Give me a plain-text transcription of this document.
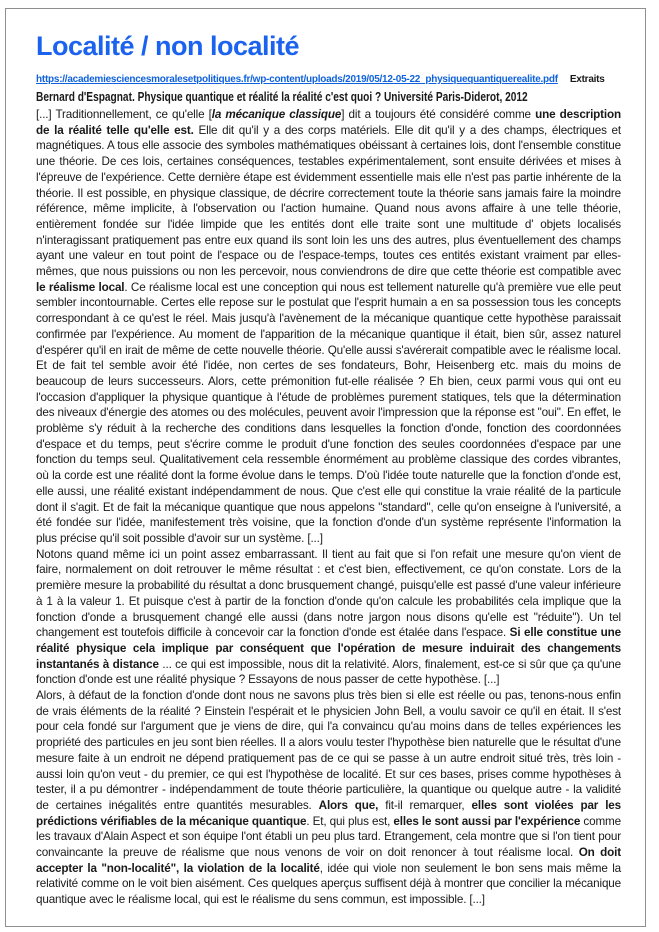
Localité / non localité
https://academiesciencesmoralesetpolitiques.fr/wp-content/uploads/2019/05/12-05-22_physiquequantiquerealite.pdf Extraits
Bernard d'Espagnat. Physique quantique et réalité la réalité c'est quoi ? Université Paris-Diderot, 2012

[...] Traditionnellement, ce qu'elle [la mécanique classique] dit a toujours été considéré comme une description de la réalité telle qu'elle est. Elle dit qu'il y a des corps matériels. Elle dit qu'il y a des champs, électriques et magnétiques. A tous elle associe des symboles mathématiques obéissant à certaines lois, dont l'ensemble constitue une théorie. De ces lois, certaines conséquences, testables expérimentalement, sont ensuite dérivées et mises à l'épreuve de l'expérience. Cette dernière étape est évidemment essentielle mais elle n'est pas partie inhérente de la théorie. Il est possible, en physique classique, de décrire correctement toute la théorie sans jamais faire la moindre référence, même implicite, à l'observation ou l'action humaine. Quand nous avons affaire à une telle théorie, entièrement fondée sur l'idée limpide que les entités dont elle traite sont une multitude d' objets localisés n'interagissant pratiquement pas entre eux quand ils sont loin les uns des autres, plus éventuellement des champs ayant une valeur en tout point de l'espace ou de l'espace-temps, toutes ces entités existant vraiment par elles-mêmes, que nous puissions ou non les percevoir, nous conviendrons de dire que cette théorie est compatible avec le réalisme local. Ce réalisme local est une conception qui nous est tellement naturelle qu'à première vue elle peut sembler incontournable. Certes elle repose sur le postulat que l'esprit humain a en sa possession tous les concepts correspondant à ce qu'est le réel. Mais jusqu'à l'avènement de la mécanique quantique cette hypothèse paraissait confirmée par l'expérience. Au moment de l'apparition de la mécanique quantique il était, bien sûr, assez naturel d'espérer qu'il en irait de même de cette nouvelle théorie. Qu'elle aussi s'avérerait compatible avec le réalisme local. Et de fait tel semble avoir été l'idée, non certes de ses fondateurs, Bohr, Heisenberg etc. mais du moins de beaucoup de leurs successeurs. Alors, cette prémonition fut-elle réalisée ? Eh bien, ceux parmi vous qui ont eu l'occasion d'appliquer la physique quantique à l'étude de problèmes purement statiques, tels que la détermination des niveaux d'énergie des atomes ou des molécules, peuvent avoir l'impression que la réponse est "oui". En effet, le problème s'y réduit à la recherche des conditions dans lesquelles la fonction d'onde, fonction des coordonnées d'espace et du temps, peut s'écrire comme le produit d'une fonction des seules coordonnées d'espace par une fonction du temps seul. Qualitativement cela ressemble énormément au problème classique des cordes vibrantes, où la corde est une réalité dont la forme évolue dans le temps. D'où l'idée toute naturelle que la fonction d'onde est, elle aussi, une réalité existant indépendamment de nous. Que c'est elle qui constitue la vraie réalité de la particule dont il s'agit. Et de fait la mécanique quantique que nous appelons "standard", celle qu'on enseigne à l'université, a été fondée sur l'idée, manifestement très voisine, que la fonction d'onde d'un système représente l'information la plus précise qu'il soit possible d'avoir sur un système. [...]

Notons quand même ici un point assez embarrassant. Il tient au fait que si l'on refait une mesure qu'on vient de faire, normalement on doit retrouver le même résultat : et c'est bien, effectivement, ce qu'on constate. Lors de la première mesure la probabilité du résultat a donc brusquement changé, puisqu'elle est passé d'une valeur inférieure à 1 à la valeur 1. Et puisque c'est à partir de la fonction d'onde qu'on calcule les probabilités cela implique que la fonction d'onde a brusquement changé elle aussi (dans notre jargon nous disons qu'elle est "réduite"). Un tel changement est toutefois difficile à concevoir car la fonction d'onde est étalée dans l'espace. Si elle constitue une réalité physique cela implique par conséquent que l'opération de mesure induirait des changements instantanés à distance ... ce qui est impossible, nous dit la relativité. Alors, finalement, est-ce si sûr que ça qu'une fonction d'onde est une réalité physique ? Essayons de nous passer de cette hypothèse. [...]

Alors, à défaut de la fonction d'onde dont nous ne savons plus très bien si elle est réelle ou pas, tenons-nous enfin de vrais éléments de la réalité ? Einstein l'espérait et le physicien John Bell, a voulu savoir ce qu'il en était. Il s'est pour cela fondé sur l'argument que je viens de dire, qui l'a convaincu qu'au moins dans de telles expériences les propriété des particules en jeu sont bien réelles. Il a alors voulu tester l'hypothèse bien naturelle que le résultat d'une mesure faite à un endroit ne dépend pratiquement pas de ce qui se passe à un autre endroit situé très, très loin - aussi loin qu'on veut - du premier, ce qui est l'hypothèse de localité. Et sur ces bases, prises comme hypothèses à tester, il a pu démontrer - indépendamment de toute théorie particulière, la quantique ou quelque autre - la validité de certaines inégalités entre quantités mesurables. Alors que, fit-il remarquer, elles sont violées par les prédictions vérifiables de la mécanique quantique. Et, qui plus est, elles le sont aussi par l'expérience comme les travaux d'Alain Aspect et son équipe l'ont établi un peu plus tard. Etrangement, cela montre que si l'on tient pour convaincante la preuve de réalisme que nous venons de voir on doit renoncer à tout réalisme local. On doit accepter la "non-localité", la violation de la localité, idée qui viole non seulement le bon sens mais même la relativité comme on le voit bien aisément. Ces quelques aperçus suffisent déjà à montrer que concilier la mécanique quantique avec le réalisme local, qui est le réalisme du sens commun, est impossible. [...]
